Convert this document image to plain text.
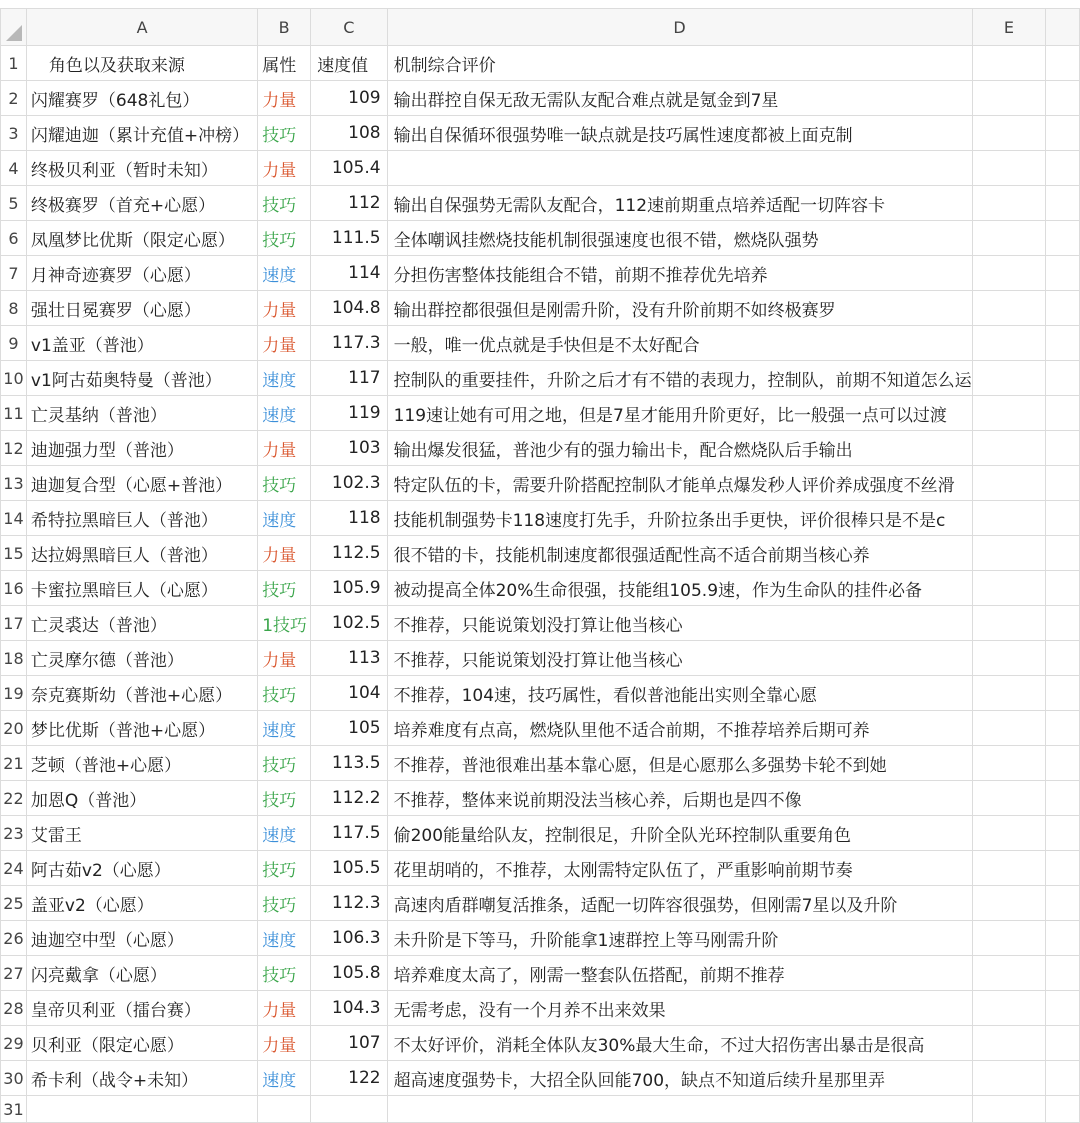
	A	B	C	D	E	
1	角色以及获取来源	属性	速度值	机制综合评价		
2	闪耀赛罗（648礼包）	力量	109	输出群控自保无敌无需队友配合难点就是氪金到7星		
3	闪耀迪迦（累计充值+冲榜）	技巧	108	输出自保循环很强势唯一缺点就是技巧属性速度都被上面克制		
4	终极贝利亚（暂时未知）	力量	105.4			
5	终极赛罗（首充+心愿）	技巧	112	输出自保强势无需队友配合，112速前期重点培养适配一切阵容卡		
6	凤凰梦比优斯（限定心愿）	技巧	111.5	全体嘲讽挂燃烧技能机制很强速度也很不错，燃烧队强势		
7	月神奇迹赛罗（心愿）	速度	114	分担伤害整体技能组合不错，前期不推荐优先培养		
8	强壮日冕赛罗（心愿）	力量	104.8	输出群控都很强但是刚需升阶，没有升阶前期不如终极赛罗		
9	v1盖亚（普池）	力量	117.3	一般，唯一优点就是手快但是不太好配合		
10	v1阿古茹奥特曼（普池）	速度	117	控制队的重要挂件，升阶之后才有不错的表现力，控制队，前期不知道怎么运		
11	亡灵基纳（普池）	速度	119	119速让她有可用之地，但是7星才能用升阶更好，比一般强一点可以过渡		
12	迪迦强力型（普池）	力量	103	输出爆发很猛，普池少有的强力输出卡，配合燃烧队后手输出		
13	迪迦复合型（心愿+普池）	技巧	102.3	特定队伍的卡，需要升阶搭配控制队才能单点爆发秒人评价养成强度不丝滑		
14	希特拉黑暗巨人（普池）	速度	118	技能机制强势卡118速度打先手，升阶拉条出手更快，评价很棒只是不是c		
15	达拉姆黑暗巨人（普池）	力量	112.5	很不错的卡，技能机制速度都很强适配性高不适合前期当核心养		
16	卡蜜拉黑暗巨人（心愿）	技巧	105.9	被动提高全体20%生命很强，技能组105.9速，作为生命队的挂件必备		
17	亡灵裘达（普池）	1技巧	102.5	不推荐，只能说策划没打算让他当核心		
18	亡灵摩尔德（普池）	力量	113	不推荐，只能说策划没打算让他当核心		
19	奈克赛斯幼（普池+心愿）	技巧	104	不推荐，104速，技巧属性，看似普池能出实则全靠心愿		
20	梦比优斯（普池+心愿）	速度	105	培养难度有点高，燃烧队里他不适合前期，不推荐培养后期可养		
21	芝顿（普池+心愿）	技巧	113.5	不推荐，普池很难出基本靠心愿，但是心愿那么多强势卡轮不到她		
22	加恩Q（普池）	技巧	112.2	不推荐，整体来说前期没法当核心养，后期也是四不像		
23	艾雷王	速度	117.5	偷200能量给队友，控制很足，升阶全队光环控制队重要角色		
24	阿古茹v2（心愿）	技巧	105.5	花里胡哨的，不推荐，太刚需特定队伍了，严重影响前期节奏		
25	盖亚v2（心愿）	技巧	112.3	高速肉盾群嘲复活推条，适配一切阵容很强势，但刚需7星以及升阶		
26	迪迦空中型（心愿）	速度	106.3	未升阶是下等马，升阶能拿1速群控上等马刚需升阶		
27	闪亮戴拿（心愿）	技巧	105.8	培养难度太高了，刚需一整套队伍搭配，前期不推荐		
28	皇帝贝利亚（擂台赛）	力量	104.3	无需考虑，没有一个月养不出来效果		
29	贝利亚（限定心愿）	力量	107	不太好评价，消耗全体队友30%最大生命，不过大招伤害出暴击是很高		
30	希卡利（战令+未知）	速度	122	超高速度强势卡，大招全队回能700，缺点不知道后续升星那里弄		
31						
